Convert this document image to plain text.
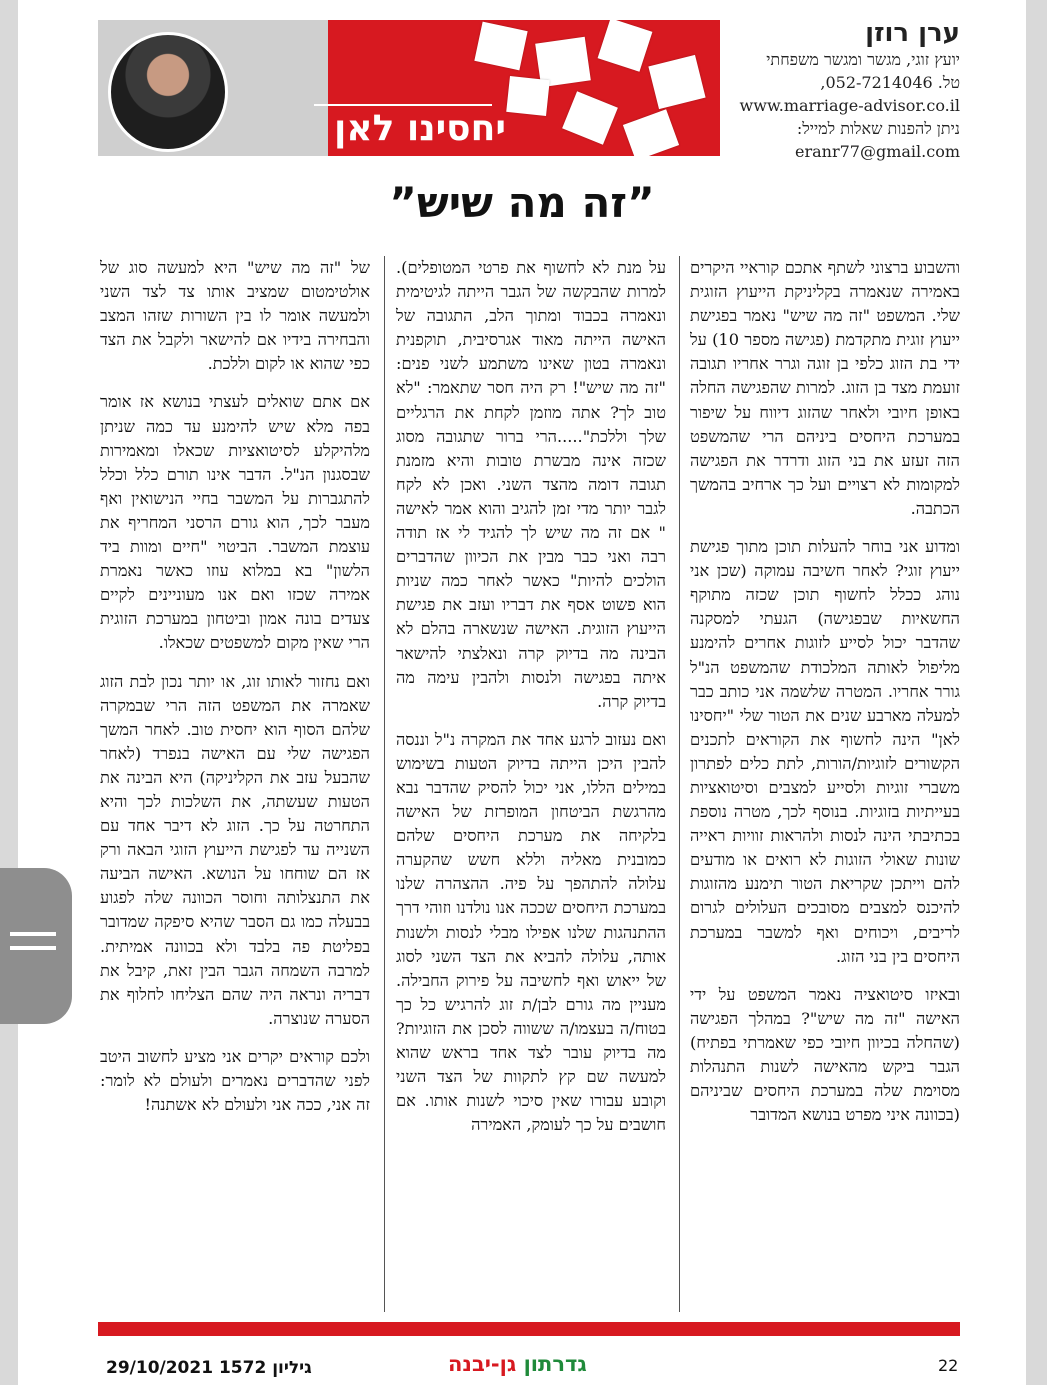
יחסינו לאן
ערן רוזן
יועץ זוגי, מגשר ומגשר משפחתי
טל. 052-7214046,
www.marriage-advisor.co.il
ניתן להפנות שאלות למייל:
eranr77@gmail.com
”זה מה שיש”

והשבוע ברצוני לשתף אתכם קוראיי היקרים באמירה שנאמרה בקליניקת הייעוץ הזוגית שלי. המשפט "זה מה שיש" נאמר בפגישת ייעוץ זוגית מתקדמת (פגישה מספר 10) על ידי בת הזוג כלפי בן זוגה וגרר אחריו תגובה זועמת מצד בן הזוג. למרות שהפגישה החלה באופן חיובי ולאחר שהזוג דיווח על שיפור במערכת היחסים ביניהם הרי שהמשפט הזה זעזע את בני הזוג ודרדר את הפגישה למקומות לא רצויים ועל כך ארחיב בהמשך הכתבה.

ומדוע אני בוחר להעלות תוכן מתוך פגישת ייעוץ זוגי? לאחר חשיבה עמוקה (שכן אני נוהג ככלל לחשוף תוכן שכזה מתוקף החשאיות שבפגישה) הגעתי למסקנה שהדבר יכול לסייע לזוגות אחרים להימנע מליפול לאותה המלכודת שהמשפט הנ"ל גורר אחריו. המטרה שלשמה אני כותב כבר למעלה מארבע שנים את הטור שלי "יחסינו לאן" הינה לחשוף את הקוראים לתכנים הקשורים לזוגיות/הורות, לתת כלים לפתרון משברי זוגיות ולסייע למצבים וסיטואציות בעייתיות בזוגיות. בנוסף לכך, מטרה נוספת בכתיבתי הינה לנסות ולהראות זוויות ראייה שונות שאולי הזוגות לא רואים או מודעים להם וייתכן שקריאת הטור תימנע מהזוגות להיכנס למצבים מסובכים העלולים לגרום לריבים, ויכוחים ואף למשבר במערכת היחסים בין בני הזוג.

ובאיזו סיטואציה נאמר המשפט על ידי האישה "זה מה שיש"? במהלך הפגישה (שהחלה בכיוון חיובי כפי שאמרתי בפתיח) הגבר ביקש מהאישה לשנות התנהלות מסוימת שלה במערכת היחסים שביניהם (בכוונה איני מפרט בנושא המדובר

על מנת לא לחשוף את פרטי המטופלים). למרות שהבקשה של הגבר הייתה לגיטימית ונאמרה בכבוד ומתוך הלב, התגובה של האישה הייתה מאוד אגרסיבית, תוקפנית ונאמרה בטון שאינו משתמע לשני פנים: "זה מה שיש"! רק היה חסר שתאמר: "לא טוב לך? אתה מוזמן לקחת את הרגליים שלך וללכת".....הרי ברור שתגובה מסוג שכזה אינה מבשרת טובות והיא מזמנת תגובה דומה מהצד השני. ואכן לא לקח לגבר יותר מדי זמן להגיב והוא אמר לאישה " אם זה מה שיש לך להגיד לי אז תודה רבה ואני כבר מבין את הכיוון שהדברים הולכים להיות" כאשר לאחר כמה שניות הוא פשוט אסף את דבריו ועזב את פגישת הייעוץ הזוגית. האישה שנשארה בהלם לא הבינה מה בדיוק קרה ונאלצתי להישאר איתה בפגישה ולנסות ולהבין עימה מה בדיוק קרה.

ואם נעזוב לרגע אחד את המקרה נ"ל וננסה להבין היכן הייתה בדיוק הטעות בשימוש במילים הללו, אני יכול להסיק שהדבר נבא מהרגשת הביטחון המופרזת של האישה בלקיחה את מערכת היחסים שלהם כמובנית מאליה וללא חשש שהקערה עלולה להתהפך על פיה. ההצהרה שלנו במערכת היחסים שככה אנו נולדנו וזוהי דרך ההתנהגות שלנו אפילו מבלי לנסות ולשנות אותה, עלולה להביא את הצד השני לסוג של ייאוש ואף לחשיבה על פירוק החבילה. מעניין מה גורם לבן/ת זוג להרגיש כל כך בטוח/ה בעצמו/ה ששווה לסכן את הזוגיות? מה בדיוק עובר לצד אחד בראש שהוא למעשה שם קץ לתקוות של הצד השני וקובע עבורו שאין סיכוי לשנות אותו. אם חושבים על כך לעומק, האמירה

של "זה מה שיש" היא למעשה סוג של אולטימטום שמציב אותו צד לצד השני ולמעשה אומר לו בין השורות שזהו המצב והבחירה בידיו אם להישאר ולקבל את הצד כפי שהוא או לקום וללכת.

אם אתם שואלים לעצתי בנושא אז אומר בפה מלא שיש להימנע עד כמה שניתן מלהיקלע לסיטואציות שכאלו ומאמירות שבסגנון הנ"ל. הדבר אינו תורם כלל וכלל להתגברות על המשבר בחיי הנישואין ואף מעבר לכך, הוא גורם הרסני המחריף את עוצמת המשבר. הביטוי "חיים ומוות ביד הלשון" בא במלוא עוזו כאשר נאמרת אמירה שכזו ואם אנו מעוניינים לקיים צעדים בונה אמון וביטחון במערכת הזוגית הרי שאין מקום למשפטים שכאלו.

ואם נחזור לאותו זוג, או יותר נכון לבת הזוג שאמרה את המשפט הזה הרי שבמקרה שלהם הסוף הוא יחסית טוב. לאחר המשך הפגישה שלי עם האישה בנפרד (לאחר שהבעל עזב את הקליניקה) היא הבינה את הטעות שעשתה, את השלכות לכך והיא התחרטה על כך. הזוג לא דיבר אחד עם השנייה עד לפגישת הייעוץ הזוגי הבאה ורק אז הם שוחחו על הנושא. האישה הביעה את התנצלותה וחוסר הכוונה שלה לפגוע בבעלה כמו גם הסבר שהיא סיפקה שמדובר בפליטת פה בלבד ולא בכוונה אמיתית. למרבה השמחה הגבר הבין זאת, קיבל את דבריה ונראה היה שהם הצליחו לחלוף את הסערה שנוצרה.

ולכם קוראים יקרים אני מציע לחשוב היטב לפני שהדברים נאמרים ולעולם לא לומר: זה אני, ככה אני ולעולם לא אשתנה!

גיליון 1572 29/10/2021	גדרתון גן-יבנה	22
